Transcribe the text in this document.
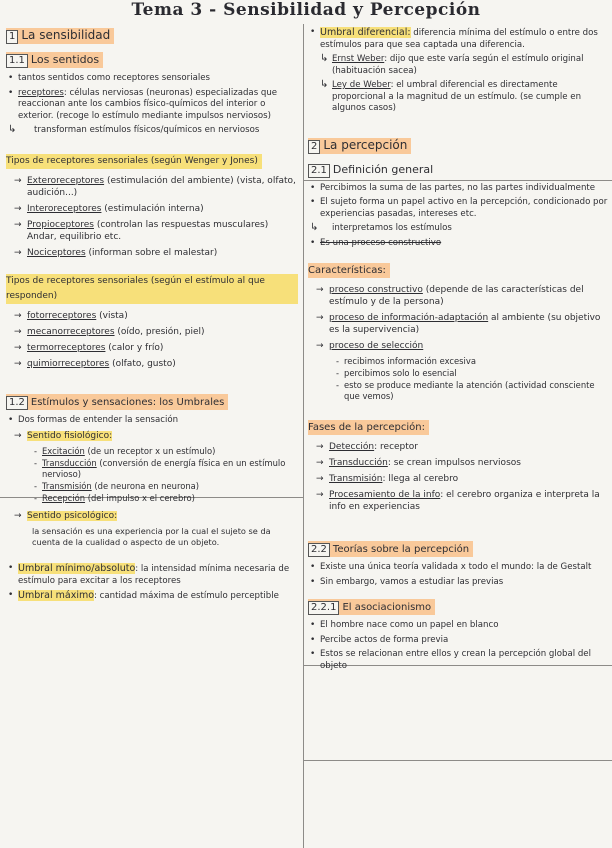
Tema 3 - Sensibilidad y Percepción
1 La sensibilidad
1.1 Los sentidos
• tantos sentidos como receptores sensoriales
• receptores: células nerviosas (neuronas) especializadas que reaccionan ante los cambios físico-químicos del interior o exterior. (recoge lo estímulo mediante impulsos nerviosos)
↳ transforman estímulos físicos/químicos en nerviosos
Tipos de receptores sensoriales (según Wenger y Jones)
→ Exteroreceptores (estimulación del ambiente) (vista, olfato, audición...)
→ Interoreceptores (estimulación interna)
→ Propioceptores (controlan las respuestas musculares) Andar, equilibrio etc.
→ Nociceptores (informan sobre el malestar)
Tipos de receptores sensoriales (según el estímulo al que responden)
→ fotorreceptores (vista)
→ mecanorreceptores (oído, presión, piel)
→ termorreceptores (calor y frío)
→ quimiorreceptores (olfato, gusto)
1.2 Estímulos y sensaciones: los Umbrales
• Dos formas de entender la sensación
→ Sentido fisiológico:
- Excitación (de un receptor x un estímulo)
- Transducción (conversión de energía física en un estímulo nervioso)
- Transmisión (de neurona en neurona)
- Recepción (del impulso x el cerebro)
→ Sentido psicológico:
la sensación es una experiencia por la cual el sujeto se da cuenta de la cualidad o aspecto de un objeto.
• Umbral mínimo/absoluto: la intensidad mínima necesaria de estímulo para excitar a los receptores
• Umbral máximo: cantidad máxima de estímulo perceptible
• Umbral diferencial: diferencia mínima del estímulo o entre dos estímulos para que sea captada una diferencia.
↳ Ernst Weber: dijo que este varía según el estímulo original (habituación sacea)
↳ Ley de Weber: el umbral diferencial es directamente proporcional a la magnitud de un estímulo. (se cumple en algunos casos)
2 La percepción
2.1 Definición general
• Percibimos la suma de las partes, no las partes individualmente
• El sujeto forma un papel activo en la percepción, condicionado por experiencias pasadas, intereses etc.
↳ interpretamos los estímulos
• Es una proceso constructivo
Características:
→ proceso constructivo (depende de las características del estímulo y de la persona)
→ proceso de información-adaptación al ambiente (su objetivo es la supervivencia)
→ proceso de selección
- recibimos información excesiva
- percibimos solo lo esencial
- esto se produce mediante la atención (actividad consciente que vemos)
Fases de la percepción:
→ Detección: receptor
→ Transducción: se crean impulsos nerviosos
→ Transmisión: llega al cerebro
→ Procesamiento de la info: el cerebro organiza e interpreta la info en experiencias
2.2 Teorías sobre la percepción
• Existe una única teoría validada x todo el mundo: la de Gestalt
• Sin embargo, vamos a estudiar las previas
2.2.1 El asociacionismo
• El hombre nace como un papel en blanco
• Percibe actos de forma previa
• Estos se relacionan entre ellos y crean la percepción global del objeto
